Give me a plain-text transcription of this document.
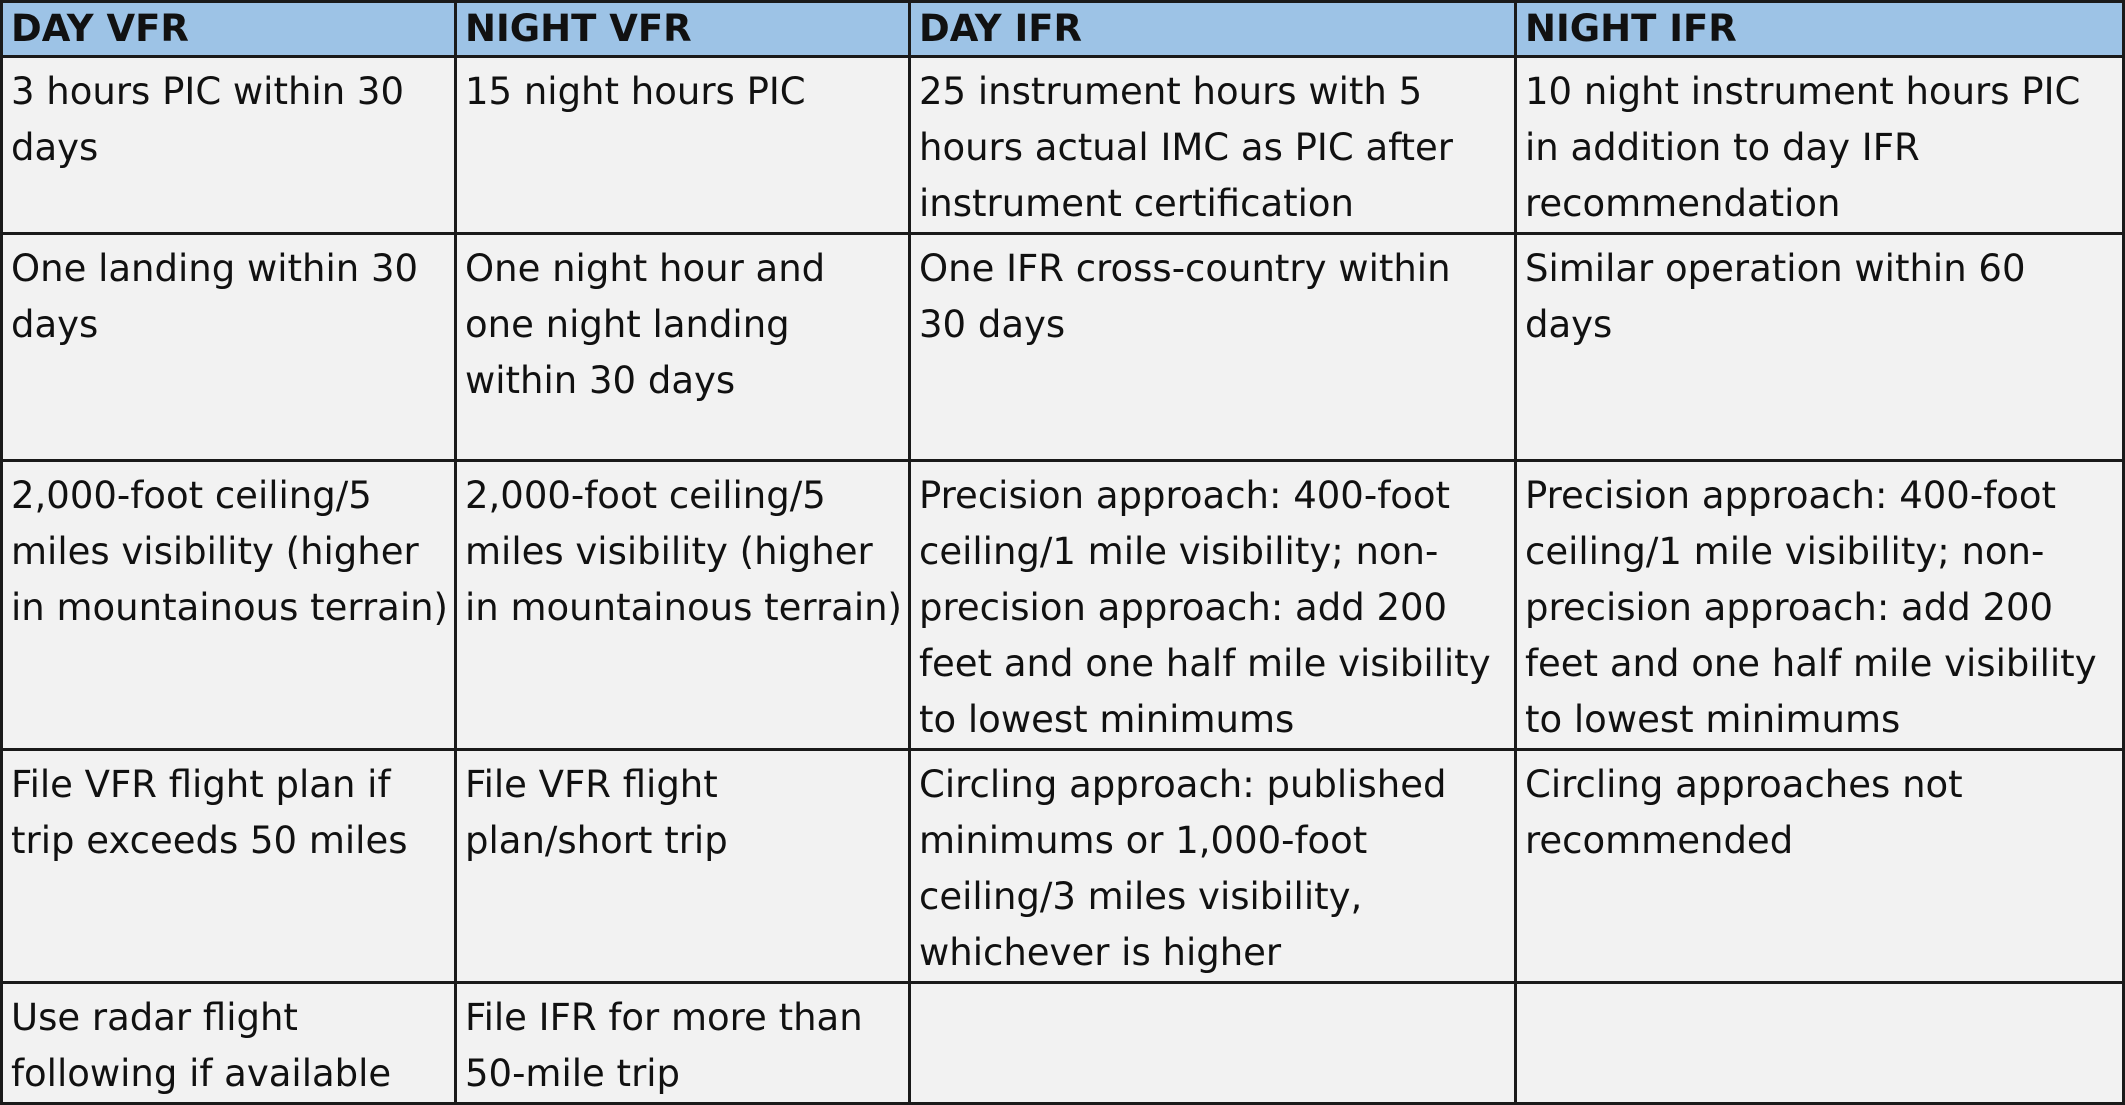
DAY VFR	NIGHT VFR	DAY IFR	NIGHT IFR
3 hours PIC within 30 days	15 night hours PIC	25 instrument hours with 5 hours actual IMC as PIC after instrument certification	10 night instrument hours PIC in addition to day IFR recommendation
One landing within 30 days	One night hour and one night landing within 30 days	One IFR cross-country within 30 days	Similar operation within 60 days
2,000-foot ceiling/5 miles visibility (higher in mountainous terrain)	2,000-foot ceiling/5 miles visibility (higher in mountainous terrain)	Precision approach: 400-foot ceiling/1 mile visibility; non-precision approach: add 200 feet and one half mile visibility to lowest minimums	Precision approach: 400-foot ceiling/1 mile visibility; non-precision approach: add 200 feet and one half mile visibility to lowest minimums
File VFR flight plan if trip exceeds 50 miles	File VFR flight plan/short trip	Circling approach: published minimums or 1,000-foot ceiling/3 miles visibility, whichever is higher	Circling approaches not recommended
Use radar flight following if available	File IFR for more than 50-mile trip		
